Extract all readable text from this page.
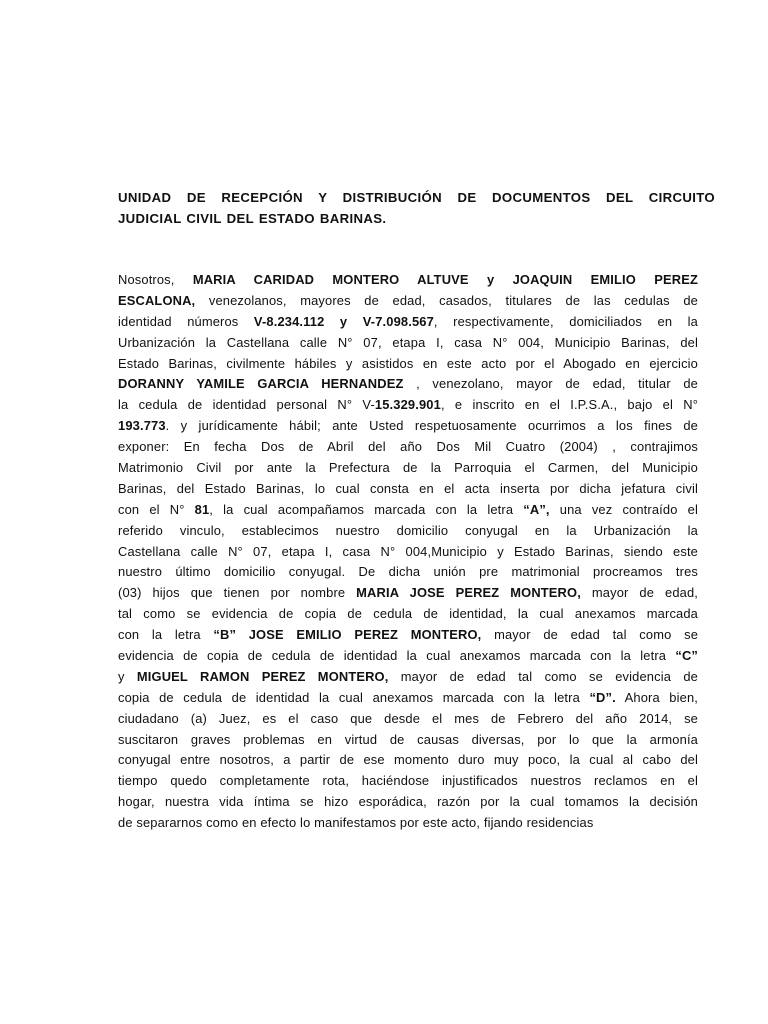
UNIDAD DE RECEPCIÓN Y DISTRIBUCIÓN DE DOCUMENTOS DEL CIRCUITO
JUDICIAL CIVIL DEL ESTADO BARINAS.
Nosotros, MARIA CARIDAD MONTERO ALTUVE y JOAQUIN EMILIO PEREZ
ESCALONA, venezolanos, mayores de edad, casados, titulares de las cedulas de
identidad números V-8.234.112 y V-7.098.567, respectivamente, domiciliados en la
Urbanización la Castellana calle N° 07, etapa I, casa N° 004, Municipio Barinas, del
Estado Barinas, civilmente hábiles y asistidos en este acto por el Abogado en ejercicio
DORANNY YAMILE GARCIA HERNANDEZ , venezolano, mayor de edad, titular de
la cedula de identidad personal N° V-15.329.901, e inscrito en el I.P.S.A., bajo el N°
193.773. y jurídicamente hábil; ante Usted respetuosamente ocurrimos a los fines de
exponer: En fecha Dos de Abril del año Dos Mil Cuatro (2004) , contrajimos
Matrimonio Civil por ante la Prefectura de la Parroquia el Carmen, del Municipio
Barinas, del Estado Barinas, lo cual consta en el acta inserta por dicha jefatura civil
con el N° 81, la cual acompañamos marcada con la letra “A”, una vez contraído el
referido vinculo, establecimos nuestro domicilio conyugal en la Urbanización la
Castellana calle N° 07, etapa I, casa N° 004,Municipio y Estado Barinas, siendo este
nuestro último domicilio conyugal. De dicha unión pre matrimonial procreamos tres
(03) hijos que tienen por nombre MARIA JOSE PEREZ MONTERO, mayor de edad,
tal como se evidencia de copia de cedula de identidad, la cual anexamos marcada
con la letra “B” JOSE EMILIO PEREZ MONTERO, mayor de edad tal como se
evidencia de copia de cedula de identidad la cual anexamos marcada con la letra “C”
y MIGUEL RAMON PEREZ MONTERO, mayor de edad tal como se evidencia de
copia de cedula de identidad la cual anexamos marcada con la letra “D”. Ahora bien,
ciudadano (a) Juez, es el caso que desde el mes de Febrero del año 2014, se
suscitaron graves problemas en virtud de causas diversas, por lo que la armonía
conyugal entre nosotros, a partir de ese momento duro muy poco, la cual al cabo del
tiempo quedo completamente rota, haciéndose injustificados nuestros reclamos en el
hogar, nuestra vida íntima se hizo esporádica, razón por la cual tomamos la decisión
de separarnos como en efecto lo manifestamos por este acto, fijando residencias
